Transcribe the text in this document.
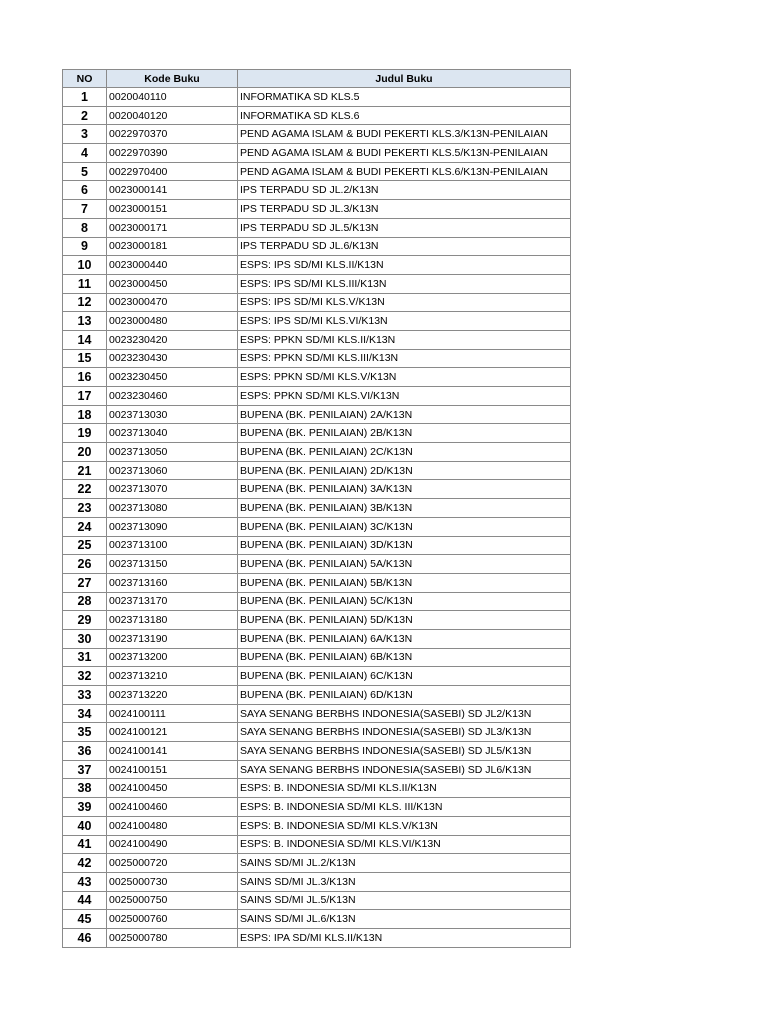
NO	Kode Buku	Judul Buku
1	0020040110	INFORMATIKA SD KLS.5
2	0020040120	INFORMATIKA SD KLS.6
3	0022970370	PEND AGAMA ISLAM & BUDI PEKERTI KLS.3/K13N-PENILAIAN
4	0022970390	PEND AGAMA ISLAM & BUDI PEKERTI KLS.5/K13N-PENILAIAN
5	0022970400	PEND AGAMA ISLAM & BUDI PEKERTI KLS.6/K13N-PENILAIAN
6	0023000141	IPS TERPADU SD JL.2/K13N
7	0023000151	IPS TERPADU SD JL.3/K13N
8	0023000171	IPS TERPADU SD JL.5/K13N
9	0023000181	IPS TERPADU SD JL.6/K13N
10	0023000440	ESPS: IPS SD/MI KLS.II/K13N
11	0023000450	ESPS: IPS SD/MI KLS.III/K13N
12	0023000470	ESPS: IPS SD/MI KLS.V/K13N
13	0023000480	ESPS: IPS SD/MI KLS.VI/K13N
14	0023230420	ESPS: PPKN SD/MI KLS.II/K13N
15	0023230430	ESPS: PPKN SD/MI KLS.III/K13N
16	0023230450	ESPS: PPKN SD/MI KLS.V/K13N
17	0023230460	ESPS: PPKN SD/MI KLS.VI/K13N
18	0023713030	BUPENA (BK. PENILAIAN) 2A/K13N
19	0023713040	BUPENA (BK. PENILAIAN) 2B/K13N
20	0023713050	BUPENA (BK. PENILAIAN) 2C/K13N
21	0023713060	BUPENA (BK. PENILAIAN) 2D/K13N
22	0023713070	BUPENA (BK. PENILAIAN) 3A/K13N
23	0023713080	BUPENA (BK. PENILAIAN) 3B/K13N
24	0023713090	BUPENA (BK. PENILAIAN) 3C/K13N
25	0023713100	BUPENA (BK. PENILAIAN) 3D/K13N
26	0023713150	BUPENA (BK. PENILAIAN) 5A/K13N
27	0023713160	BUPENA (BK. PENILAIAN) 5B/K13N
28	0023713170	BUPENA (BK. PENILAIAN) 5C/K13N
29	0023713180	BUPENA (BK. PENILAIAN) 5D/K13N
30	0023713190	BUPENA (BK. PENILAIAN) 6A/K13N
31	0023713200	BUPENA (BK. PENILAIAN) 6B/K13N
32	0023713210	BUPENA (BK. PENILAIAN) 6C/K13N
33	0023713220	BUPENA (BK. PENILAIAN) 6D/K13N
34	0024100111	SAYA SENANG BERBHS INDONESIA(SASEBI) SD JL2/K13N
35	0024100121	SAYA SENANG BERBHS INDONESIA(SASEBI) SD JL3/K13N
36	0024100141	SAYA SENANG BERBHS INDONESIA(SASEBI) SD JL5/K13N
37	0024100151	SAYA SENANG BERBHS INDONESIA(SASEBI) SD JL6/K13N
38	0024100450	ESPS: B. INDONESIA SD/MI KLS.II/K13N
39	0024100460	ESPS: B. INDONESIA SD/MI KLS. III/K13N
40	0024100480	ESPS: B. INDONESIA SD/MI KLS.V/K13N
41	0024100490	ESPS: B. INDONESIA SD/MI KLS.VI/K13N
42	0025000720	SAINS SD/MI JL.2/K13N
43	0025000730	SAINS SD/MI JL.3/K13N
44	0025000750	SAINS SD/MI JL.5/K13N
45	0025000760	SAINS SD/MI JL.6/K13N
46	0025000780	ESPS: IPA SD/MI KLS.II/K13N
